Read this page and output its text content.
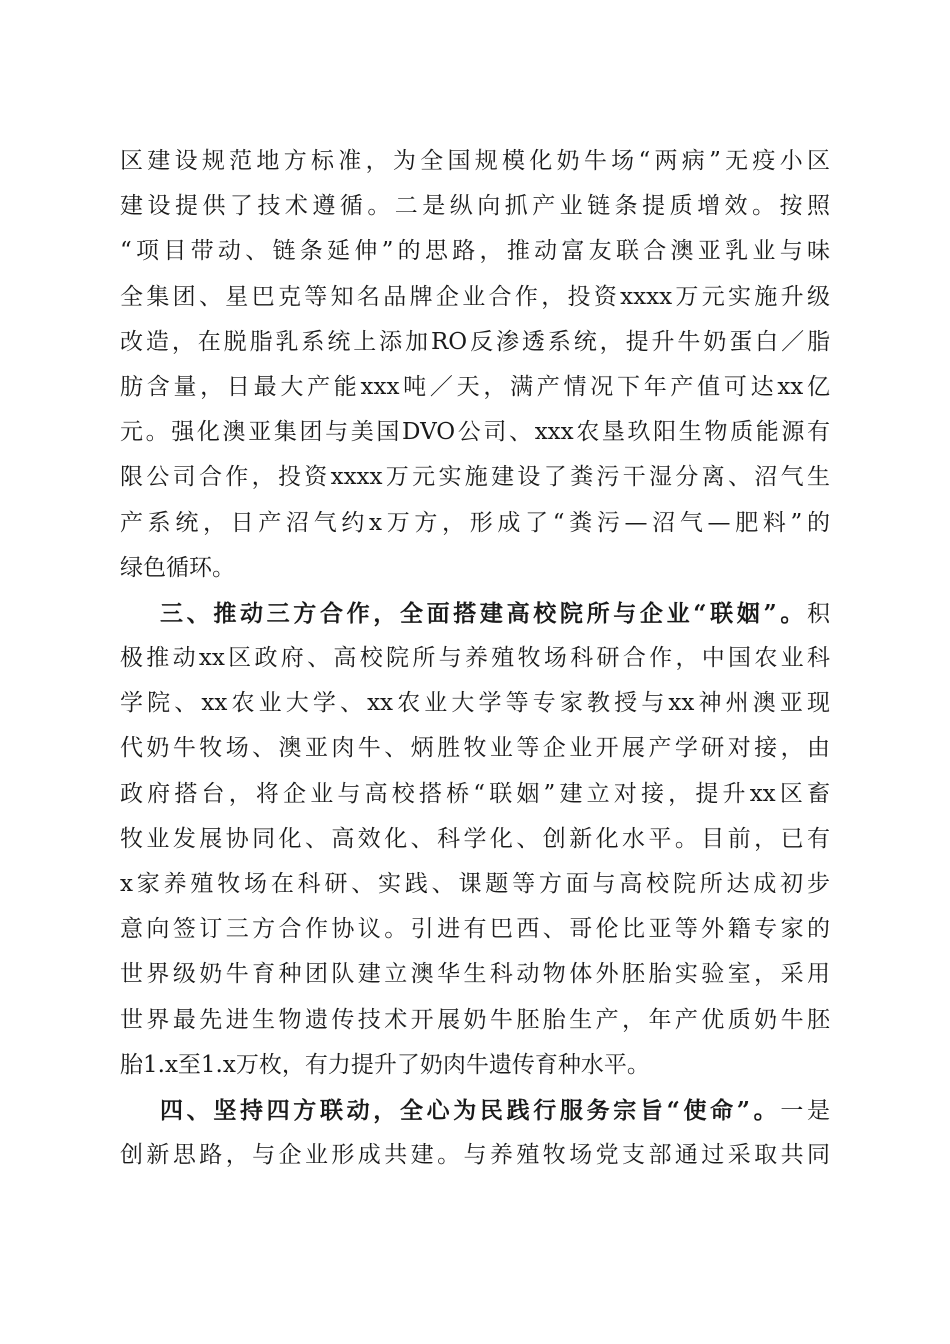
区建设规范地方标准，为全国规模化奶牛场“两病”无疫小区
建设提供了技术遵循。二是纵向抓产业链条提质增效。按照
“项目带动、链条延伸”的思路，推动富友联合澳亚乳业与味
全集团、星巴克等知名品牌企业合作，投资xxxx万元实施升级
改造，在脱脂乳系统上添加RO反渗透系统，提升牛奶蛋白／脂
肪含量，日最大产能xxx吨／天，满产情况下年产值可达xx亿
元。强化澳亚集团与美国DVO公司、xxx农垦玖阳生物质能源有
限公司合作，投资xxxx万元实施建设了粪污干湿分离、沼气生
产系统，日产沼气约x万方，形成了“粪污—沼气—肥料”的
绿色循环。
三、推动三方合作，全面搭建高校院所与企业“联姻”。积
极推动xx区政府、高校院所与养殖牧场科研合作，中国农业科
学院、xx农业大学、xx农业大学等专家教授与xx神州澳亚现
代奶牛牧场、澳亚肉牛、炳胜牧业等企业开展产学研对接，由
政府搭台，将企业与高校搭桥“联姻”建立对接，提升xx区畜
牧业发展协同化、高效化、科学化、创新化水平。目前，已有
x家养殖牧场在科研、实践、课题等方面与高校院所达成初步
意向签订三方合作协议。引进有巴西、哥伦比亚等外籍专家的
世界级奶牛育种团队建立澳华生科动物体外胚胎实验室，采用
世界最先进生物遗传技术开展奶牛胚胎生产，年产优质奶牛胚
胎1.x至1.x万枚，有力提升了奶肉牛遗传育种水平。
四、坚持四方联动，全心为民践行服务宗旨“使命”。一是
创新思路，与企业形成共建。与养殖牧场党支部通过采取共同
